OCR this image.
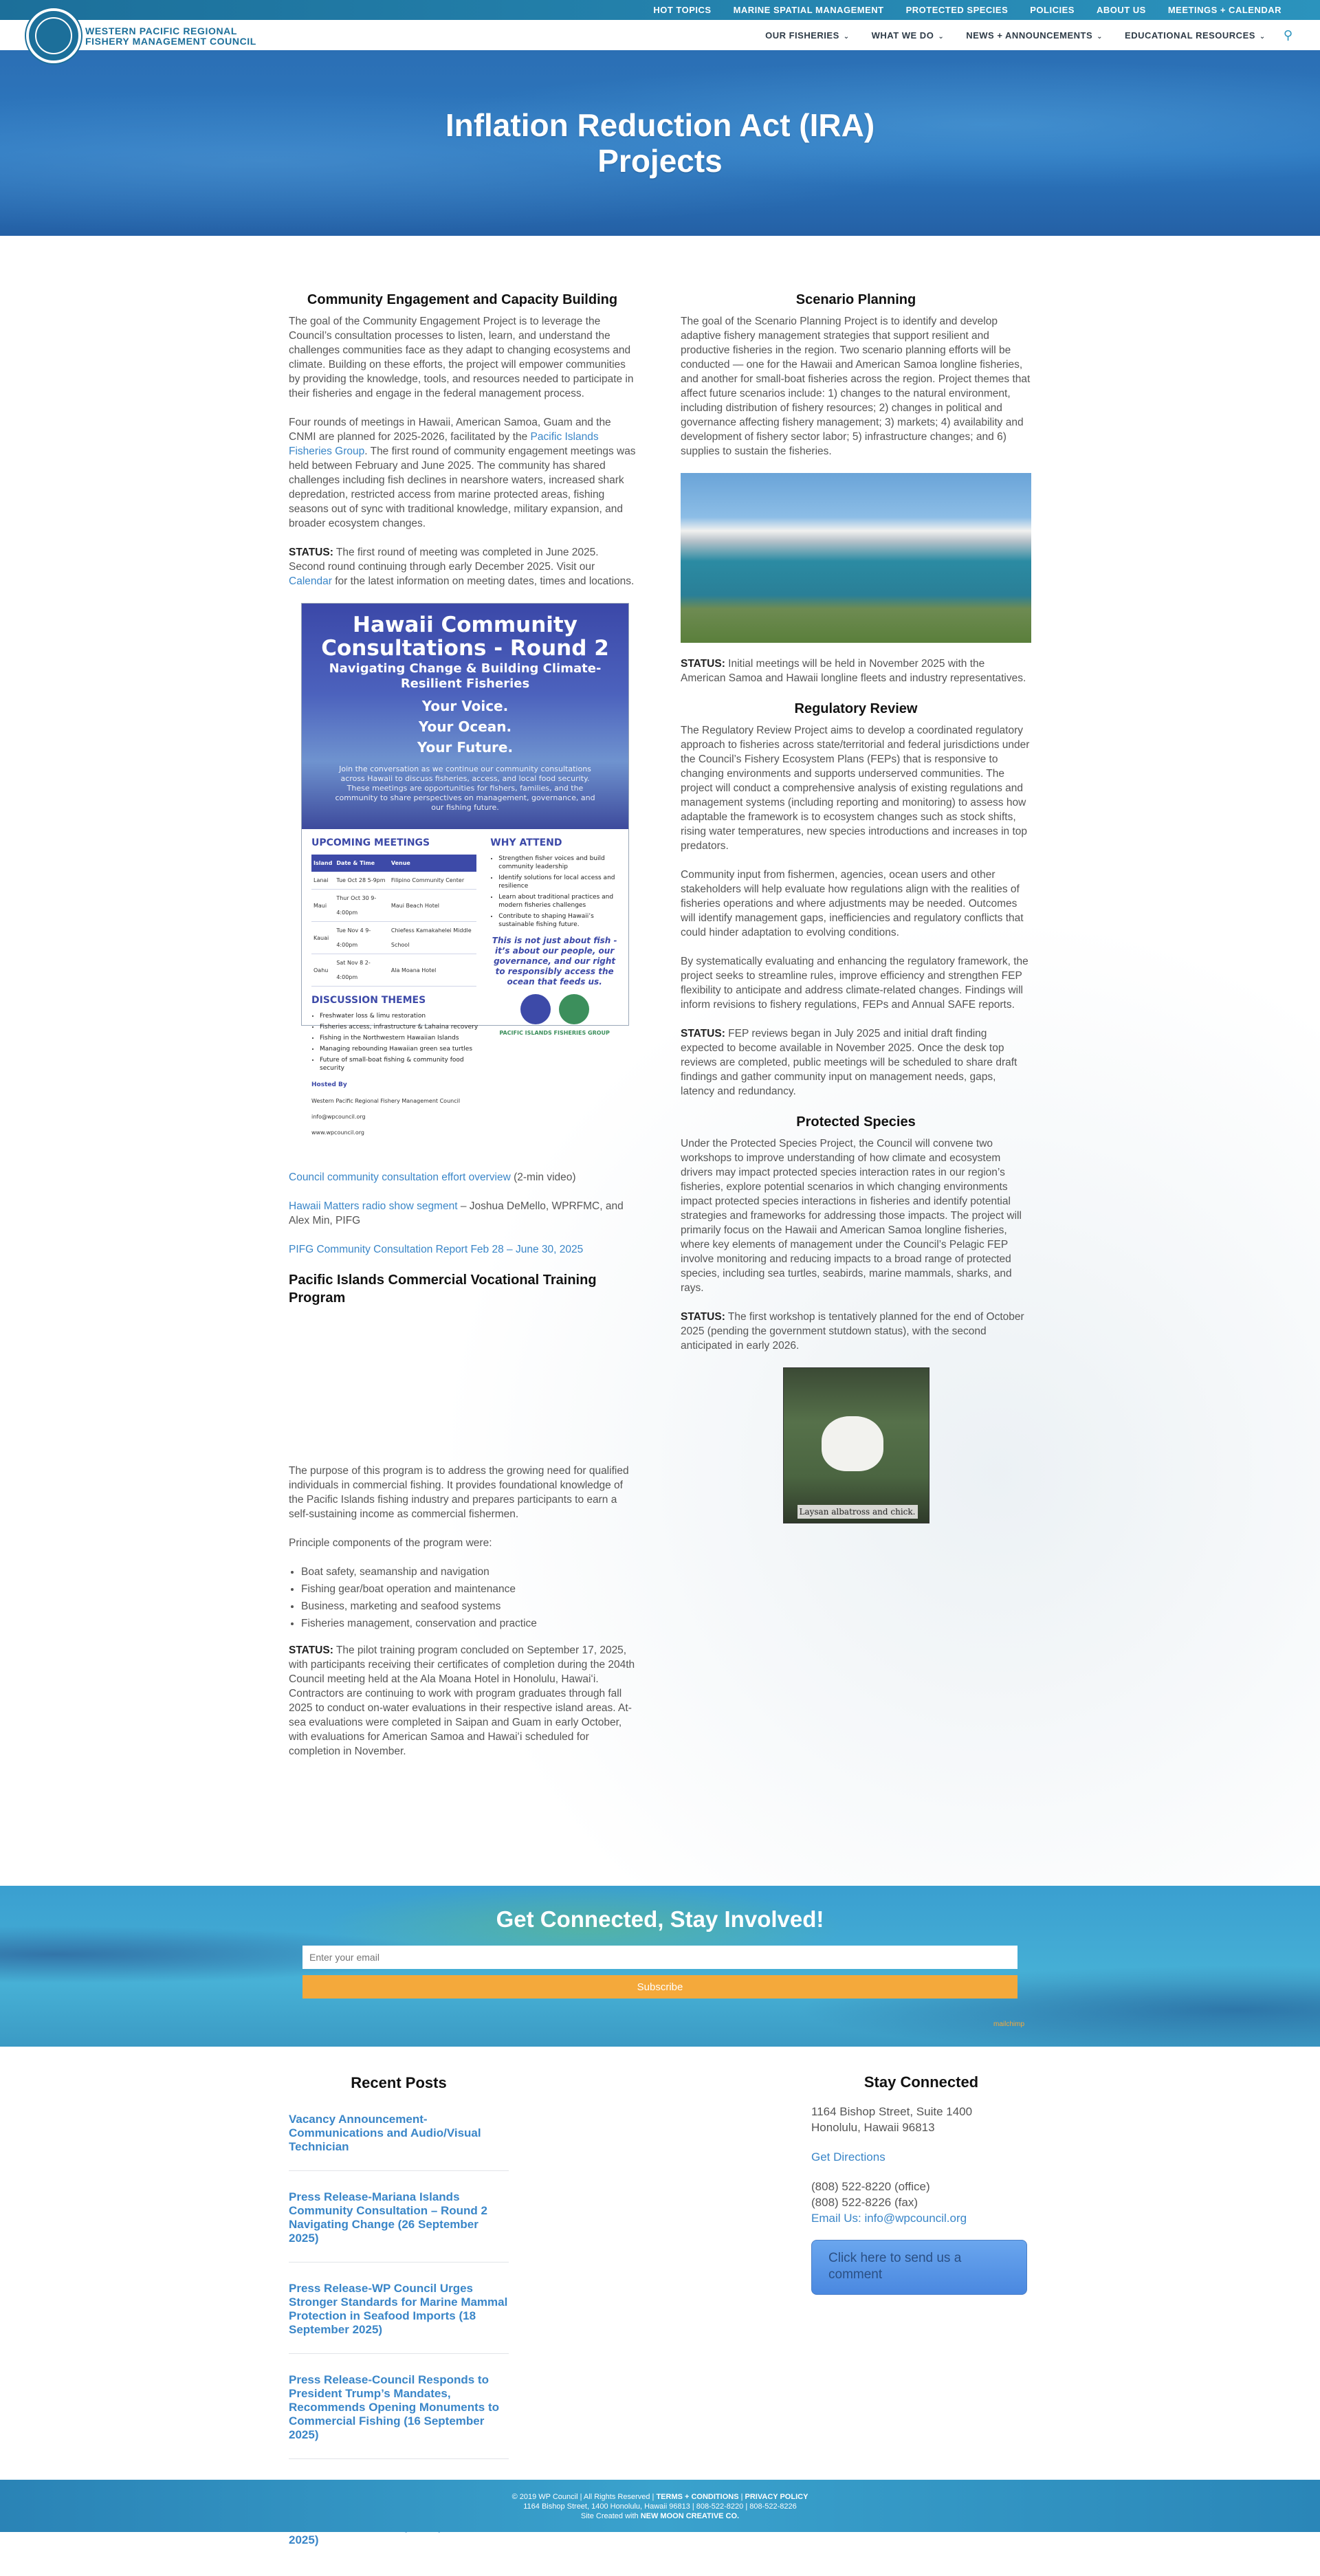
HOT TOPICS	MARINE SPATIAL MANAGEMENT	PROTECTED SPECIES	POLICIES	ABOUT US	MEETINGS + CALENDAR
WESTERN PACIFIC REGIONAL
FISHERY MANAGEMENT COUNCIL
OUR FISHERIES ⌄	WHAT WE DO ⌄	NEWS + ANNOUNCEMENTS ⌄	EDUCATIONAL RESOURCES ⌄	⚲
Inflation Reduction Act (IRA) Projects
Community Engagement and Capacity Building

The goal of the Community Engagement Project is to leverage the Council’s consultation processes to listen, learn, and understand the challenges communities face as they adapt to changing ecosystems and climate. Building on these efforts, the project will empower communities by providing the knowledge, tools, and resources needed to participate in their fisheries and engage in the federal management process.

Four rounds of meetings in Hawaii, American Samoa, Guam and the CNMI are planned for 2025-2026, facilitated by the Pacific Islands Fisheries Group. The first round of community engagement meetings was held between February and June 2025. The community has shared challenges including fish declines in nearshore waters, increased shark depredation, restricted access from marine protected areas, fishing seasons out of sync with traditional knowledge, military expansion, and broader ecosystem changes.

STATUS: The first round of meeting was completed in June 2025. Second round continuing through early December 2025. Visit our Calendar for the latest information on meeting dates, times and locations.

Hawaii Community Consultations - Round 2
Navigating Change & Building Climate-Resilient Fisheries
Your Voice.
Your Ocean.
Your Future.
Join the conversation as we continue our community consultations across Hawaii to discuss fisheries, access, and local food security. These meetings are opportunities for fishers, families, and the community to share perspectives on management, governance, and our fishing future.
UPCOMING MEETINGS
Island	Date & Time	Venue
Lanai	Tue Oct 28 5-9pm	Filipino Community Center
Maui	Thur Oct 30 9-4:00pm	Maui Beach Hotel
Kauai	Tue Nov 4 9-4:00pm	Chiefess Kamakahelei Middle School
Oahu	Sat Nov 8 2-4:00pm	Ala Moana Hotel
DISCUSSION THEMES
• Freshwater loss & limu restoration
• Fisheries access, infrastructure & Lahaina recovery
• Fishing in the Northwestern Hawaiian Islands
• Managing rebounding Hawaiian green sea turtles
• Future of small-boat fishing & community food security
Hosted By
Western Pacific Regional Fishery Management Council
info@wpcouncil.org
www.wpcouncil.org
WHY ATTEND
• Strengthen fisher voices and build community leadership
• Identify solutions for local access and resilience
• Learn about traditional practices and modern fisheries challenges
• Contribute to shaping Hawaii’s sustainable fishing future.
This is not just about fish - it’s about our people, our governance, and our right to responsibly access the ocean that feeds us.
PACIFIC ISLANDS FISHERIES GROUP

Council community consultation effort overview (2-min video)

Hawaii Matters radio show segment – Joshua DeMello, WPRFMC, and Alex Min, PIFG

PIFG Community Consultation Report Feb 28 – June 30, 2025

Pacific Islands Commercial Vocational Training Program

The purpose of this program is to address the growing need for qualified individuals in commercial fishing. It provides foundational knowledge of the Pacific Islands fishing industry and prepares participants to earn a self-sustaining income as commercial fishermen.

Principle components of the program were:

• Boat safety, seamanship and navigation
• Fishing gear/boat operation and maintenance
• Business, marketing and seafood systems
• Fisheries management, conservation and practice

STATUS: The pilot training program concluded on September 17, 2025, with participants receiving their certificates of completion during the 204th Council meeting held at the Ala Moana Hotel in Honolulu, Hawaiʻi. Contractors are continuing to work with program graduates through fall 2025 to conduct on-water evaluations in their respective island areas. At-sea evaluations were completed in Saipan and Guam in early October, with evaluations for American Samoa and Hawaiʻi scheduled for completion in November.

Scenario Planning

The goal of the Scenario Planning Project is to identify and develop adaptive fishery management strategies that support resilient and productive fisheries in the region. Two scenario planning efforts will be conducted — one for the Hawaii and American Samoa longline fisheries, and another for small-boat fisheries across the region. Project themes that affect future scenarios include: 1) changes to the natural environment, including distribution of fishery resources; 2) changes in political and governance affecting fishery management; 3) markets; 4) availability and development of fishery sector labor; 5) infrastructure changes; and 6) supplies to sustain the fisheries.

STATUS: Initial meetings will be held in November 2025 with the American Samoa and Hawaii longline fleets and industry representatives.

Regulatory Review

The Regulatory Review Project aims to develop a coordinated regulatory approach to fisheries across state/territorial and federal jurisdictions under the Council’s Fishery Ecosystem Plans (FEPs) that is responsive to changing environments and supports underserved communities. The project will conduct a comprehensive analysis of existing regulations and management systems (including reporting and monitoring) to assess how adaptable the framework is to ecosystem changes such as stock shifts, rising water temperatures, new species introductions and increases in top predators.

Community input from fishermen, agencies, ocean users and other stakeholders will help evaluate how regulations align with the realities of fisheries operations and where adjustments may be needed. Outcomes will identify management gaps, inefficiencies and regulatory conflicts that could hinder adaptation to evolving conditions.

By systematically evaluating and enhancing the regulatory framework, the project seeks to streamline rules, improve efficiency and strengthen FEP flexibility to anticipate and address climate-related changes. Findings will inform revisions to fishery regulations, FEPs and Annual SAFE reports.

STATUS: FEP reviews began in July 2025 and initial draft finding expected to become available in November 2025. Once the desk top reviews are completed, public meetings will be scheduled to share draft findings and gather community input on management needs, gaps, latency and redundancy.

Protected Species

Under the Protected Species Project, the Council will convene two workshops to improve understanding of how climate and ecosystem drivers may impact protected species interaction rates in our region’s fisheries, explore potential scenarios in which changing environments impact protected species interactions in fisheries and identify potential strategies and frameworks for addressing those impacts. The project will primarily focus on the Hawaii and American Samoa longline fisheries, where key elements of management under the Council’s Pelagic FEP involve monitoring and reducing impacts to a broad range of protected species, including sea turtles, seabirds, marine mammals, sharks, and rays.

STATUS: The first workshop is tentatively planned for the end of October 2025 (pending the government stutdown status), with the second anticipated in early 2026.

Laysan albatross and chick.
Get Connected, Stay Involved!
Enter your email
Subscribe
mailchimp
Recent Posts
Vacancy Announcement-Communications and Audio/Visual Technician
Press Release-Mariana Islands Community Consultation – Round 2 Navigating Change (26 September 2025)
Press Release-WP Council Urges Stronger Standards for Marine Mammal Protection in Seafood Imports (18 September 2025)
Press Release-Council Responds to President Trump’s Mandates, Recommends Opening Monuments to Commercial Fishing (16 September 2025)
2025)
Stay Connected

1164 Bishop Street, Suite 1400
Honolulu, Hawaii 96813

Get Directions

(808) 522-8220 (office)
(808) 522-8226 (fax)

Email Us: info@wpcouncil.org

Click here to send us a comment
© 2019 WP Council | All Rights Reserved | TERMS + CONDITIONS | PRIVACY POLICY
1164 Bishop Street, 1400 Honolulu, Hawaii 96813 | 808-522-8220 | 808-522-8226
Site Created with NEW MOON CREATIVE CO.
